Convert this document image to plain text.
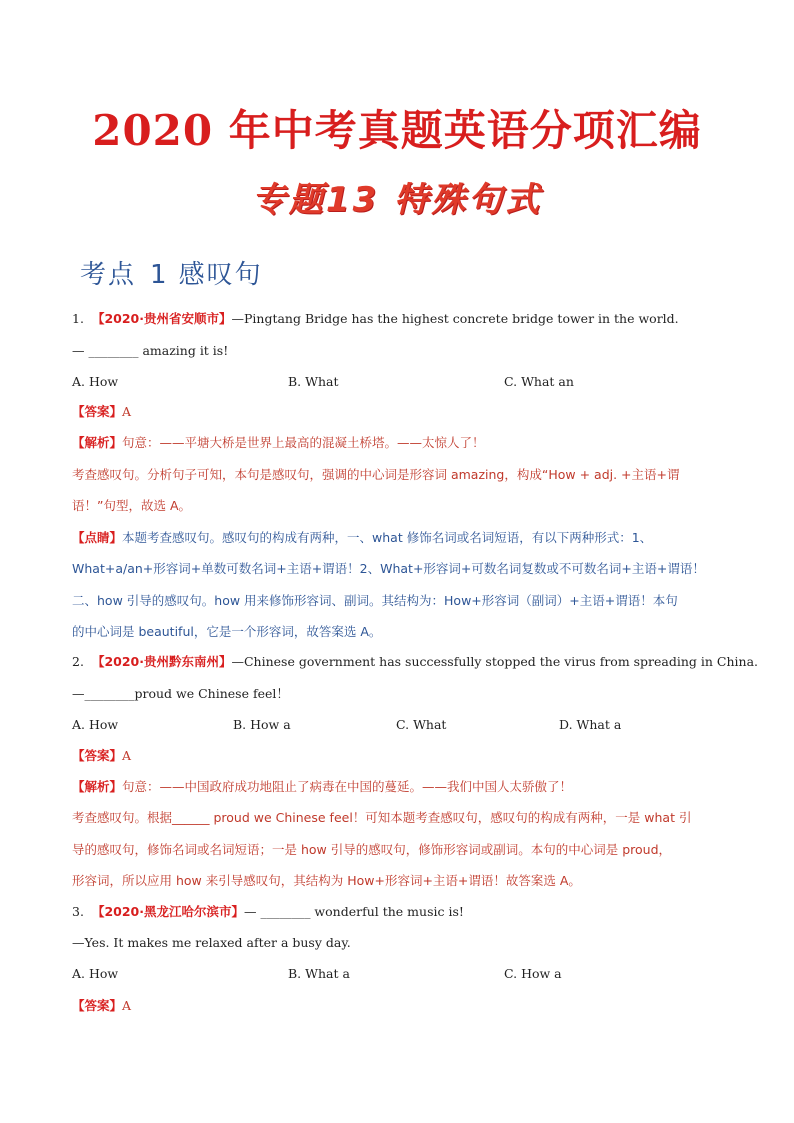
2020 年中考真题英语分项汇编
专题13 特殊句式
考点 1 感叹句
1. 【2020·贵州省安顺市】—Pingtang Bridge has the highest concrete bridge tower in the world.
— ________ amazing it is!
A. How	B. What	C. What an
【答案】A
【解析】句意：——平塘大桥是世界上最高的混凝土桥塔。——太惊人了！
考查感叹句。分析句子可知，本句是感叹句，强调的中心词是形容词 amazing，构成“How + adj. +主语+谓
语！”句型，故选 A。
【点睛】本题考查感叹句。感叹句的构成有两种，一、what 修饰名词或名词短语，有以下两种形式：1、
What+a/an+形容词+单数可数名词+主语+谓语！2、What+形容词+可数名词复数或不可数名词+主语+谓语！
二、how 引导的感叹句。how 用来修饰形容词、副词。其结构为：How+形容词（副词）+主语+谓语！本句
的中心词是 beautiful，它是一个形容词，故答案选 A。
2. 【2020·贵州黔东南州】—Chinese government has successfully stopped the virus from spreading in China.
—________proud we Chinese feel！
A. How	B. How a	C. What	D. What a
【答案】A
【解析】句意：——中国政府成功地阻止了病毒在中国的蔓延。——我们中国人太骄傲了！
考查感叹句。根据______ proud we Chinese feel！可知本题考查感叹句，感叹句的构成有两种，一是 what 引
导的感叹句，修饰名词或名词短语；一是 how 引导的感叹句，修饰形容词或副词。本句的中心词是 proud，
形容词，所以应用 how 来引导感叹句，其结构为 How+形容词+主语+谓语！故答案选 A。
3. 【2020·黑龙江哈尔滨市】— ________ wonderful the music is!
—Yes. It makes me relaxed after a busy day.
A. How	B. What a	C. How a
【答案】A
